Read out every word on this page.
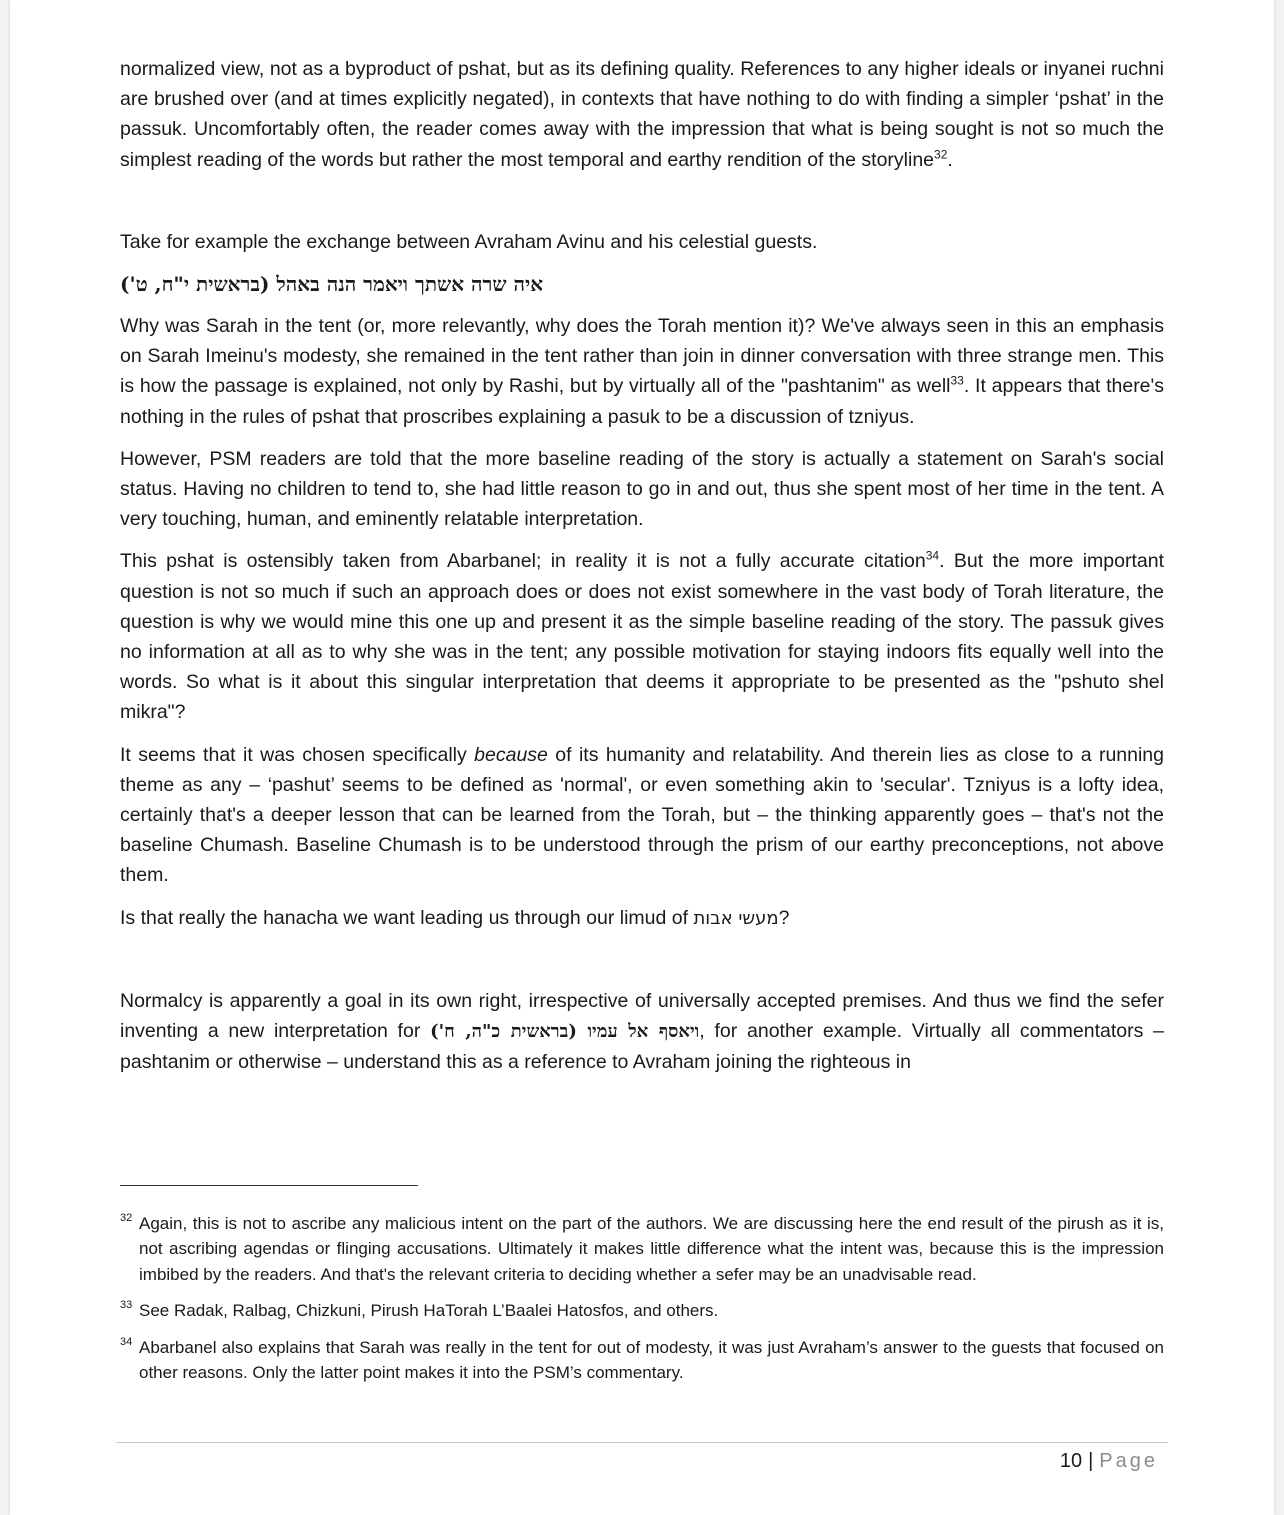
normalized view, not as a byproduct of pshat, but as its defining quality. References to any higher ideals or inyanei ruchni are brushed over (and at times explicitly negated), in contexts that have nothing to do with finding a simpler ‘pshat’ in the passuk. Uncomfortably often, the reader comes away with the impression that what is being sought is not so much the simplest reading of the words but rather the most temporal and earthy rendition of the storyline$^{32}$.

Take for example the exchange between Avraham Avinu and his celestial guests.

איה שרה אשתך ויאמר הנה באהל (בראשית י"ח, ט')

Why was Sarah in the tent (or, more relevantly, why does the Torah mention it)? We've always seen in this an emphasis on Sarah Imeinu's modesty, she remained in the tent rather than join in dinner conversation with three strange men. This is how the passage is explained, not only by Rashi, but by virtually all of the "pashtanim" as well$^{33}$. It appears that there's nothing in the rules of pshat that proscribes explaining a pasuk to be a discussion of tzniyus.

However, PSM readers are told that the more baseline reading of the story is actually a statement on Sarah's social status. Having no children to tend to, she had little reason to go in and out, thus she spent most of her time in the tent. A very touching, human, and eminently relatable interpretation.

This pshat is ostensibly taken from Abarbanel; in reality it is not a fully accurate citation$^{34}$. But the more important question is not so much if such an approach does or does not exist somewhere in the vast body of Torah literature, the question is why we would mine this one up and present it as the simple baseline reading of the story. The passuk gives no information at all as to why she was in the tent; any possible motivation for staying indoors fits equally well into the words. So what is it about this singular interpretation that deems it appropriate to be presented as the "pshuto shel mikra"?

It seems that it was chosen specifically because of its humanity and relatability. And therein lies as close to a running theme as any – ‘pashut’ seems to be defined as 'normal', or even something akin to 'secular'. Tzniyus is a lofty idea, certainly that's a deeper lesson that can be learned from the Torah, but – the thinking apparently goes – that's not the baseline Chumash. Baseline Chumash is to be understood through the prism of our earthy preconceptions, not above them.

Is that really the hanacha we want leading us through our limud of מעשי אבות?

Normalcy is apparently a goal in its own right, irrespective of universally accepted premises. And thus we find the sefer inventing a new interpretation for ויאסף אל עמיו (בראשית כ"ה, ח'), for another example. Virtually all commentators – pashtanim or otherwise – understand this as a reference to Avraham joining the righteous in

32 Again, this is not to ascribe any malicious intent on the part of the authors. We are discussing here the end result of the pirush as it is, not ascribing agendas or flinging accusations. Ultimately it makes little difference what the intent was, because this is the impression imbibed by the readers. And that's the relevant criteria to deciding whether a sefer may be an unadvisable read.

33 See Radak, Ralbag, Chizkuni, Pirush HaTorah L’Baalei Hatosfos, and others.

34 Abarbanel also explains that Sarah was really in the tent for out of modesty, it was just Avraham’s answer to the guests that focused on other reasons. Only the latter point makes it into the PSM’s commentary.

10 | Page
